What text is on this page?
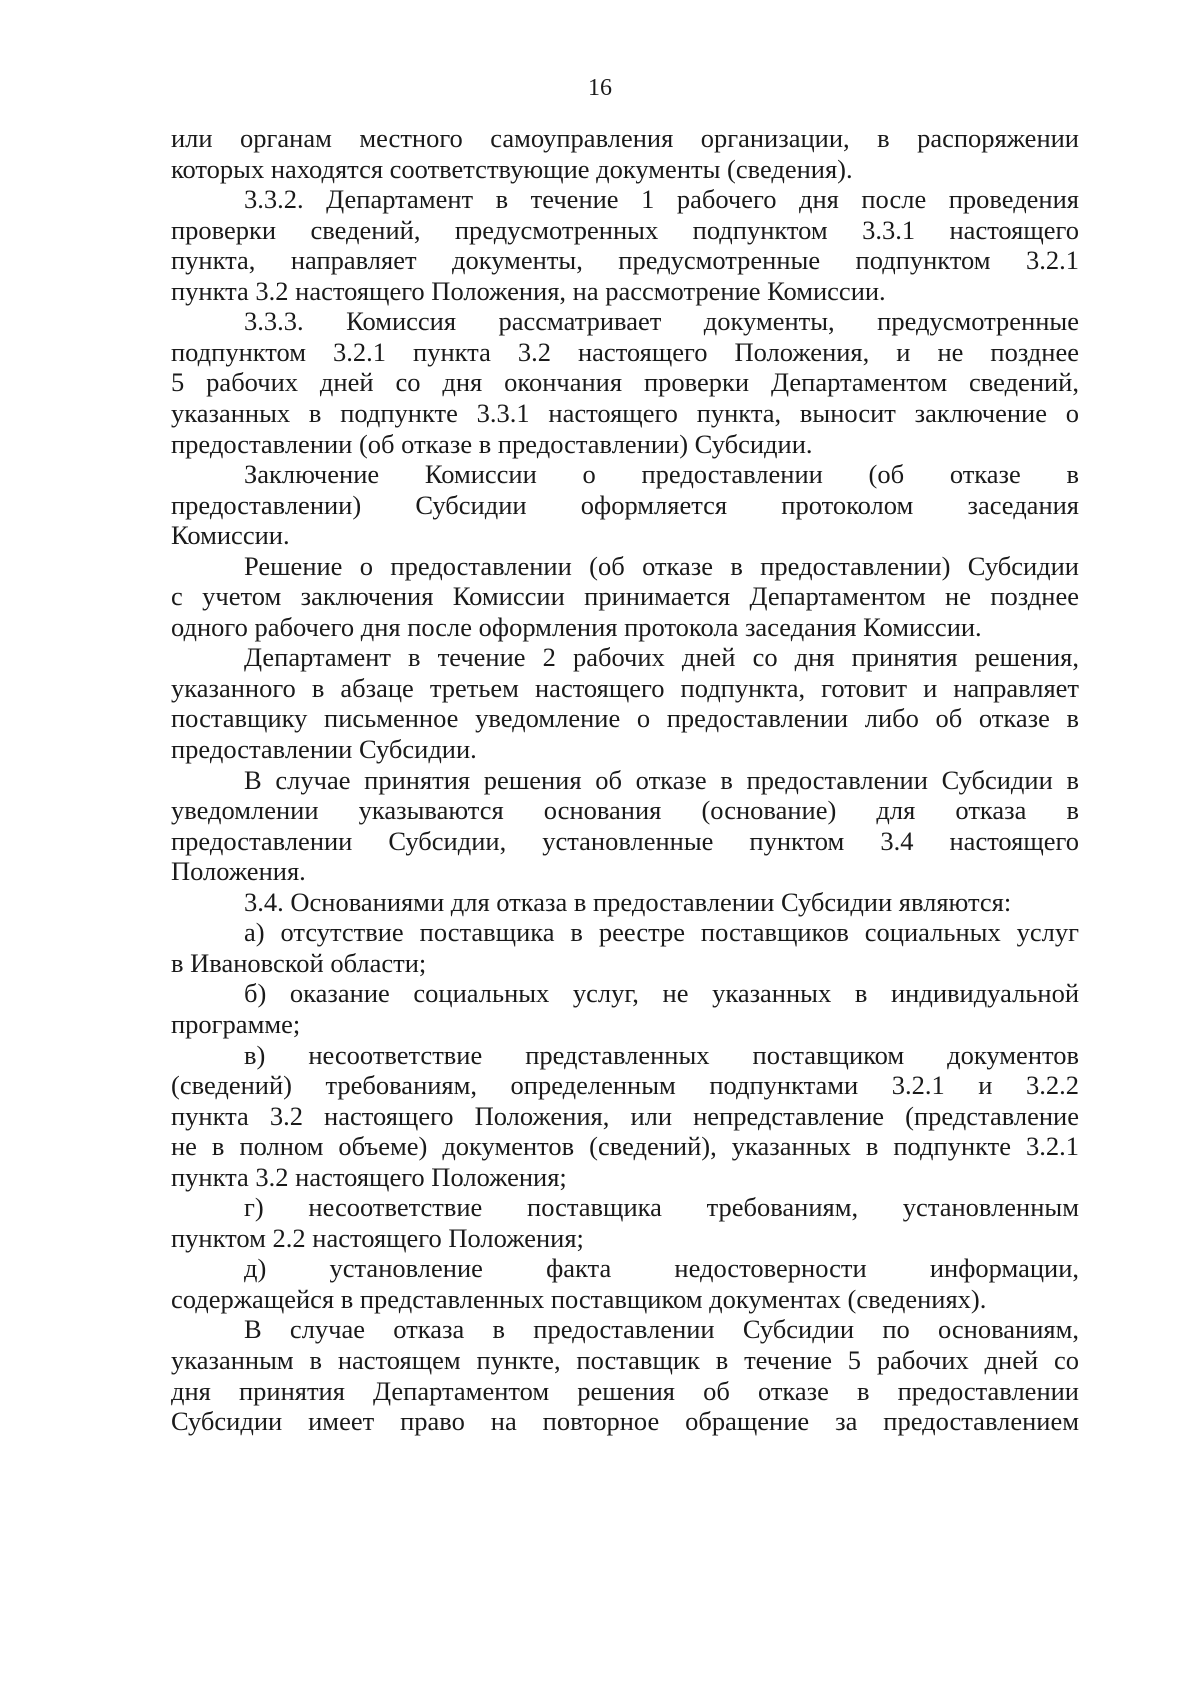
16
или органам местного самоуправления организации, в распоряжении
которых находятся соответствующие документы (сведения).
3.3.2. Департамент в течение 1 рабочего дня после проведения
проверки сведений, предусмотренных подпунктом 3.3.1 настоящего
пункта, направляет документы, предусмотренные подпунктом 3.2.1
пункта 3.2 настоящего Положения, на рассмотрение Комиссии.
3.3.3. Комиссия рассматривает документы, предусмотренные
подпунктом 3.2.1 пункта 3.2 настоящего Положения, и не позднее
5 рабочих дней со дня окончания проверки Департаментом сведений,
указанных в подпункте 3.3.1 настоящего пункта, выносит заключение о
предоставлении (об отказе в предоставлении) Субсидии.
Заключение Комиссии о предоставлении (об отказе в
предоставлении) Субсидии оформляется протоколом заседания
Комиссии.
Решение о предоставлении (об отказе в предоставлении) Субсидии
с учетом заключения Комиссии принимается Департаментом не позднее
одного рабочего дня после оформления протокола заседания Комиссии.
Департамент в течение 2 рабочих дней со дня принятия решения,
указанного в абзаце третьем настоящего подпункта, готовит и направляет
поставщику письменное уведомление о предоставлении либо об отказе в
предоставлении Субсидии.
В случае принятия решения об отказе в предоставлении Субсидии в
уведомлении указываются основания (основание) для отказа в
предоставлении Субсидии, установленные пунктом 3.4 настоящего
Положения.
3.4. Основаниями для отказа в предоставлении Субсидии являются:
а) отсутствие поставщика в реестре поставщиков социальных услуг
в Ивановской области;
б) оказание социальных услуг, не указанных в индивидуальной
программе;
в) несоответствие представленных поставщиком документов
(сведений) требованиям, определенным подпунктами 3.2.1 и 3.2.2
пункта 3.2 настоящего Положения, или непредставление (представление
не в полном объеме) документов (сведений), указанных в подпункте 3.2.1
пункта 3.2 настоящего Положения;
г) несоответствие поставщика требованиям, установленным
пунктом 2.2 настоящего Положения;
д) установление факта недостоверности информации,
содержащейся в представленных поставщиком документах (сведениях).
В случае отказа в предоставлении Субсидии по основаниям,
указанным в настоящем пункте, поставщик в течение 5 рабочих дней со
дня принятия Департаментом решения об отказе в предоставлении
Субсидии имеет право на повторное обращение за предоставлением
